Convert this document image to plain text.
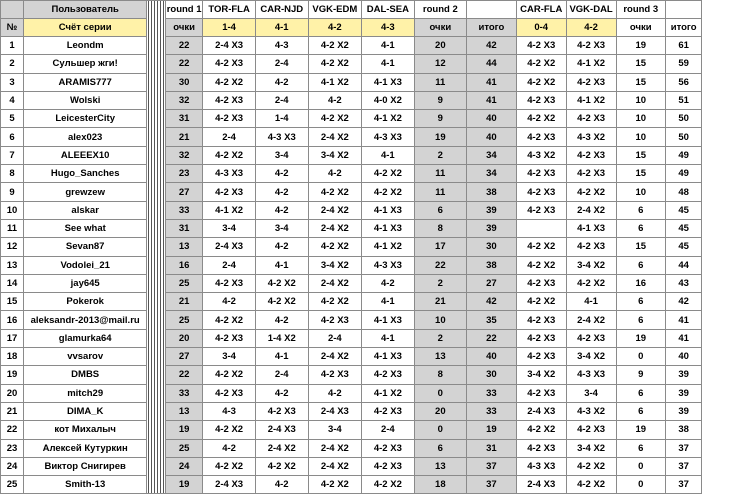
	Пользователь		round 1	TOR-FLA	CAR-NJD	VGK-EDM	DAL-SEA	round 2		CAR-FLA	VGK-DAL	round 3	
№	Счёт серии		очки	1-4	4-1	4-2	4-3	очки	итого	0-4	4-2	очки	итого
1	Leondm		22	2-4 X3	4-3	4-2 X2	4-1	20	42	4-2 X3	4-2 X3	19	61
2	Сульшер жги!		22	4-2 X3	2-4	4-2 X2	4-1	12	44	4-2 X2	4-1 X2	15	59
3	ARAMIS777		30	4-2 X2	4-2	4-1 X2	4-1 X3	11	41	4-2 X2	4-2 X3	15	56
4	Wolski		32	4-2 X3	2-4	4-2	4-0 X2	9	41	4-2 X3	4-1 X2	10	51
5	LeicesterCity		31	4-2 X3	1-4	4-2 X2	4-1 X2	9	40	4-2 X2	4-2 X3	10	50
6	alex023		21	2-4	4-3 X3	2-4 X2	4-3 X3	19	40	4-2 X3	4-3 X2	10	50
7	ALEEEX10		32	4-2 X2	3-4	3-4 X2	4-1	2	34	4-3 X2	4-2 X3	15	49
8	Hugo_Sanches		23	4-3 X3	4-2	4-2	4-2 X2	11	34	4-2 X3	4-2 X3	15	49
9	grewzew		27	4-2 X3	4-2	4-2 X2	4-2 X2	11	38	4-2 X3	4-2 X2	10	48
10	alskar		33	4-1 X2	4-2	2-4 X2	4-1 X3	6	39	4-2 X3	2-4 X2	6	45
11	See what		31	3-4	3-4	2-4 X2	4-1 X3	8	39		4-1 X3	6	45
12	Sevan87		13	2-4 X3	4-2	4-2 X2	4-1 X2	17	30	4-2 X2	4-2 X3	15	45
13	Vodolei_21		16	2-4	4-1	3-4 X2	4-3 X3	22	38	4-2 X2	3-4 X2	6	44
14	jay645		25	4-2 X3	4-2 X2	2-4 X2	4-2	2	27	4-2 X3	4-2 X2	16	43
15	Pokerok		21	4-2	4-2 X2	4-2 X2	4-1	21	42	4-2 X2	4-1	6	42
16	aleksandr-2013@mail.ru		25	4-2 X2	4-2	4-2 X3	4-1 X3	10	35	4-2 X3	2-4 X2	6	41
17	glamurka64		20	4-2 X3	1-4 X2	2-4	4-1	2	22	4-2 X3	4-2 X3	19	41
18	vvsarov		27	3-4	4-1	2-4 X2	4-1 X3	13	40	4-2 X3	3-4 X2	0	40
19	DMBS		22	4-2 X2	2-4	4-2 X3	4-2 X3	8	30	3-4 X2	4-3 X3	9	39
20	mitch29		33	4-2 X3	4-2	4-2	4-1 X2	0	33	4-2 X3	3-4	6	39
21	DIMA_K		13	4-3	4-2 X3	2-4 X3	4-2 X3	20	33	2-4 X3	4-3 X2	6	39
22	кот Михалыч		19	4-2 X2	2-4 X3	3-4	2-4	0	19	4-2 X2	4-2 X3	19	38
23	Алексей Кутуркин		25	4-2	2-4 X2	2-4 X2	4-2 X3	6	31	4-2 X3	3-4 X2	6	37
24	Виктор Снигирев		24	4-2 X2	4-2 X2	2-4 X2	4-2 X3	13	37	4-3 X3	4-2 X2	0	37
25	Smith-13		19	2-4 X3	4-2	4-2 X2	4-2 X2	18	37	2-4 X3	4-2 X2	0	37
